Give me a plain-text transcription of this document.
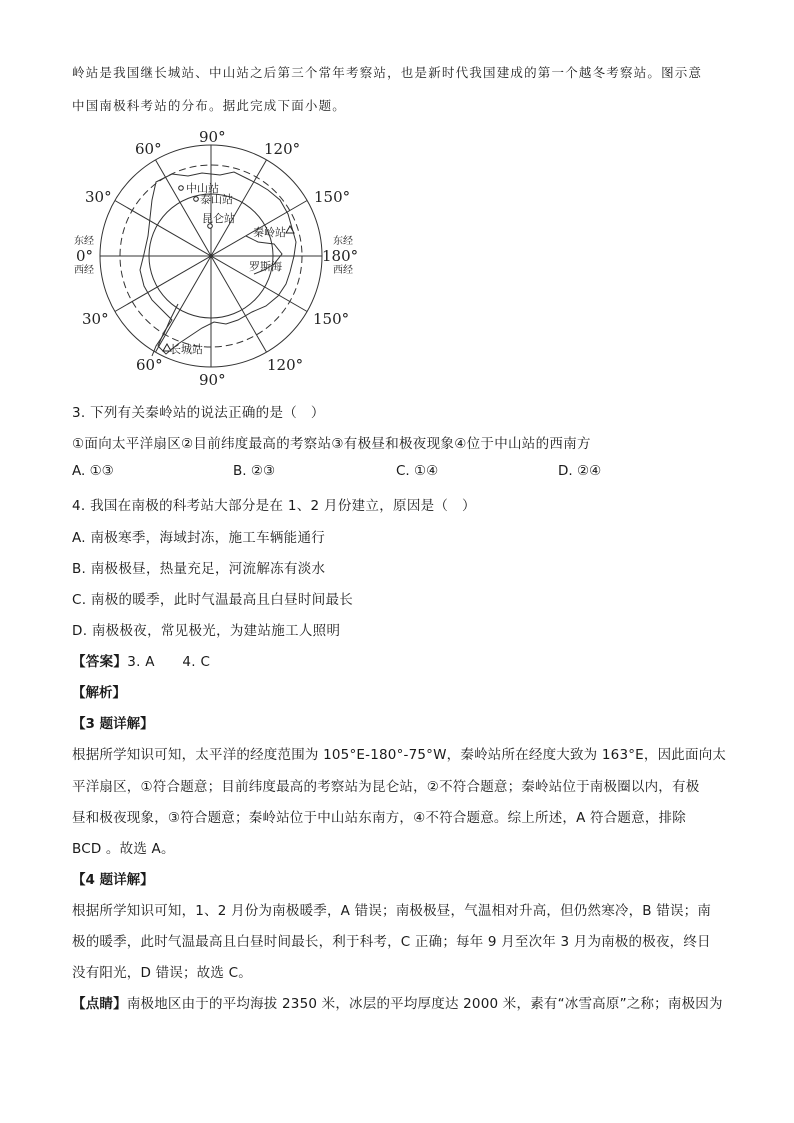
岭站是我国继长城站、中山站之后第三个常年考察站，也是新时代我国建成的第一个越冬考察站。图示意
中国南极科考站的分布。据此完成下面小题。
中山站
泰山站
昆仑站
秦岭站
罗斯海
长城站
90°
60°	120°
30°	150°
东经
0°
西经
东经
180°
西经
30°	150°
60°	120°
90°
3. 下列有关秦岭站的说法正确的是（　）
①面向太平洋扇区②目前纬度最高的考察站③有极昼和极夜现象④位于中山站的西南方
A. ①③	B. ②③	C. ①④	D. ②④
4. 我国在南极的科考站大部分是在 1、2 月份建立，原因是（　）
A. 南极寒季，海域封冻，施工车辆能通行
B. 南极极昼，热量充足，河流解冻有淡水
C. 南极的暖季，此时气温最高且白昼时间最长
D. 南极极夜，常见极光，为建站施工人照明
【答案】3. A　　4. C
【解析】
【3 题详解】
根据所学知识可知，太平洋的经度范围为 105°E-180°-75°W，秦岭站所在经度大致为 163°E，因此面向太
平洋扇区，①符合题意；目前纬度最高的考察站为昆仑站，②不符合题意；秦岭站位于南极圈以内，有极
昼和极夜现象，③符合题意；秦岭站位于中山站东南方，④不符合题意。综上所述，A 符合题意，排除
BCD 。故选 A。
【4 题详解】
根据所学知识可知，1、2 月份为南极暖季，A 错误；南极极昼，气温相对升高，但仍然寒冷，B 错误；南
极的暖季，此时气温最高且白昼时间最长，利于科考，C 正确；每年 9 月至次年 3 月为南极的极夜，终日
没有阳光，D 错误；故选 C。
【点睛】南极地区由于的平均海拔 2350 米，冰层的平均厚度达 2000 米，素有“冰雪高原”之称；南极因为
